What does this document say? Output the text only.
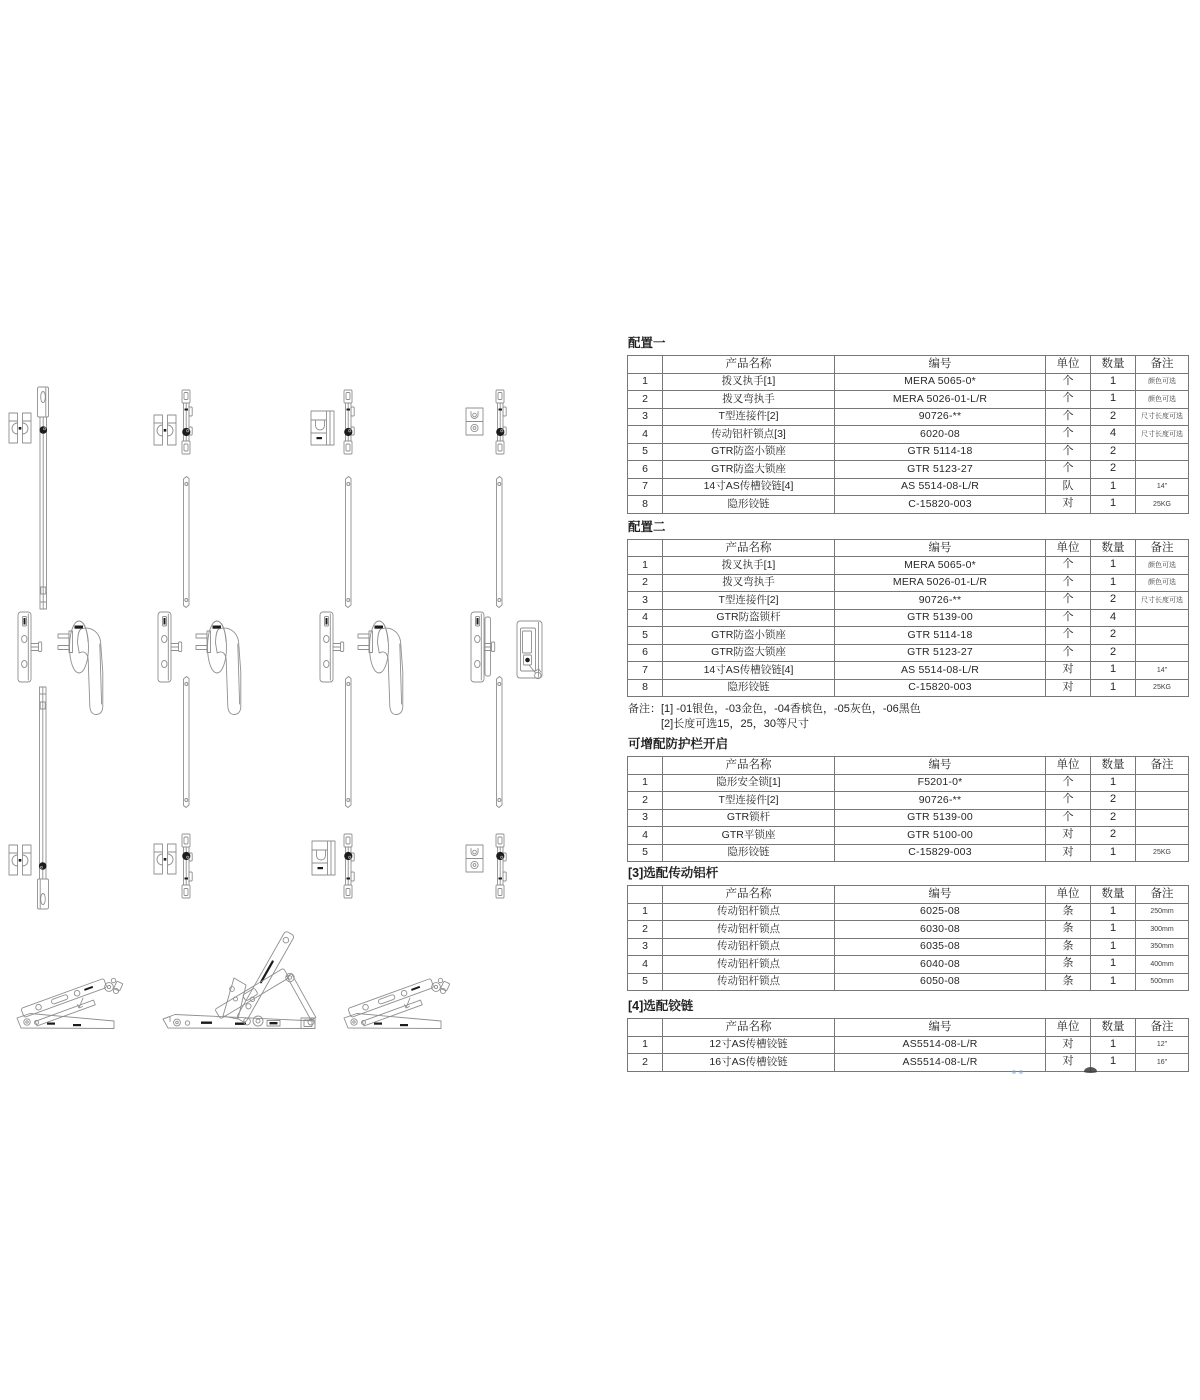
配置一
	产品名称	编号	单位	数量	备注
1	拨叉执手[1]	MERA 5065-0*	个	1	颜色可选
2	拨叉弯执手	MERA 5026-01-L/R	个	1	颜色可选
3	T型连接件[2]	90726-**	个	2	尺寸长度可选
4	传动铝杆锁点[3]	6020-08	个	4	尺寸长度可选
5	GTR防盗小锁座	GTR 5114-18	个	2	
6	GTR防盗大锁座	GTR 5123-27	个	2	
7	14寸AS传槽铰链[4]	AS 5514-08-L/R	队	1	14"
8	隐形铰链	C-15820-003	对	1	25KG
配置二
	产品名称	编号	单位	数量	备注
1	拨叉执手[1]	MERA 5065-0*	个	1	颜色可选
2	拨叉弯执手	MERA 5026-01-L/R	个	1	颜色可选
3	T型连接件[2]	90726-**	个	2	尺寸长度可选
4	GTR防盗锁杆	GTR 5139-00	个	4	
5	GTR防盗小锁座	GTR 5114-18	个	2	
6	GTR防盗大锁座	GTR 5123-27	个	2	
7	14寸AS传槽铰链[4]	AS 5514-08-L/R	对	1	14"
8	隐形铰链	C-15820-003	对	1	25KG
备注：[1] -01银色，-03金色，-04香槟色，-05灰色，-06黑色
[2]长度可选15，25，30等尺寸
可增配防护栏开启
	产品名称	编号	单位	数量	备注
1	隐形安全锁[1]	F5201-0*	个	1	
2	T型连接件[2]	90726-**	个	2	
3	GTR锁杆	GTR 5139-00	个	2	
4	GTR平锁座	GTR 5100-00	对	2	
5	隐形铰链	C-15829-003	对	1	25KG
[3]选配传动铝杆
	产品名称	编号	单位	数量	备注
1	传动铝杆锁点	6025-08	条	1	250mm
2	传动铝杆锁点	6030-08	条	1	300mm
3	传动铝杆锁点	6035-08	条	1	350mm
4	传动铝杆锁点	6040-08	条	1	400mm
5	传动铝杆锁点	6050-08	条	1	500mm
[4]选配铰链
	产品名称	编号	单位	数量	备注
1	12寸AS传槽铰链	AS5514-08-L/R	对	1	12"
2	16寸AS传槽铰链	AS5514-08-L/R	对	1	16"
